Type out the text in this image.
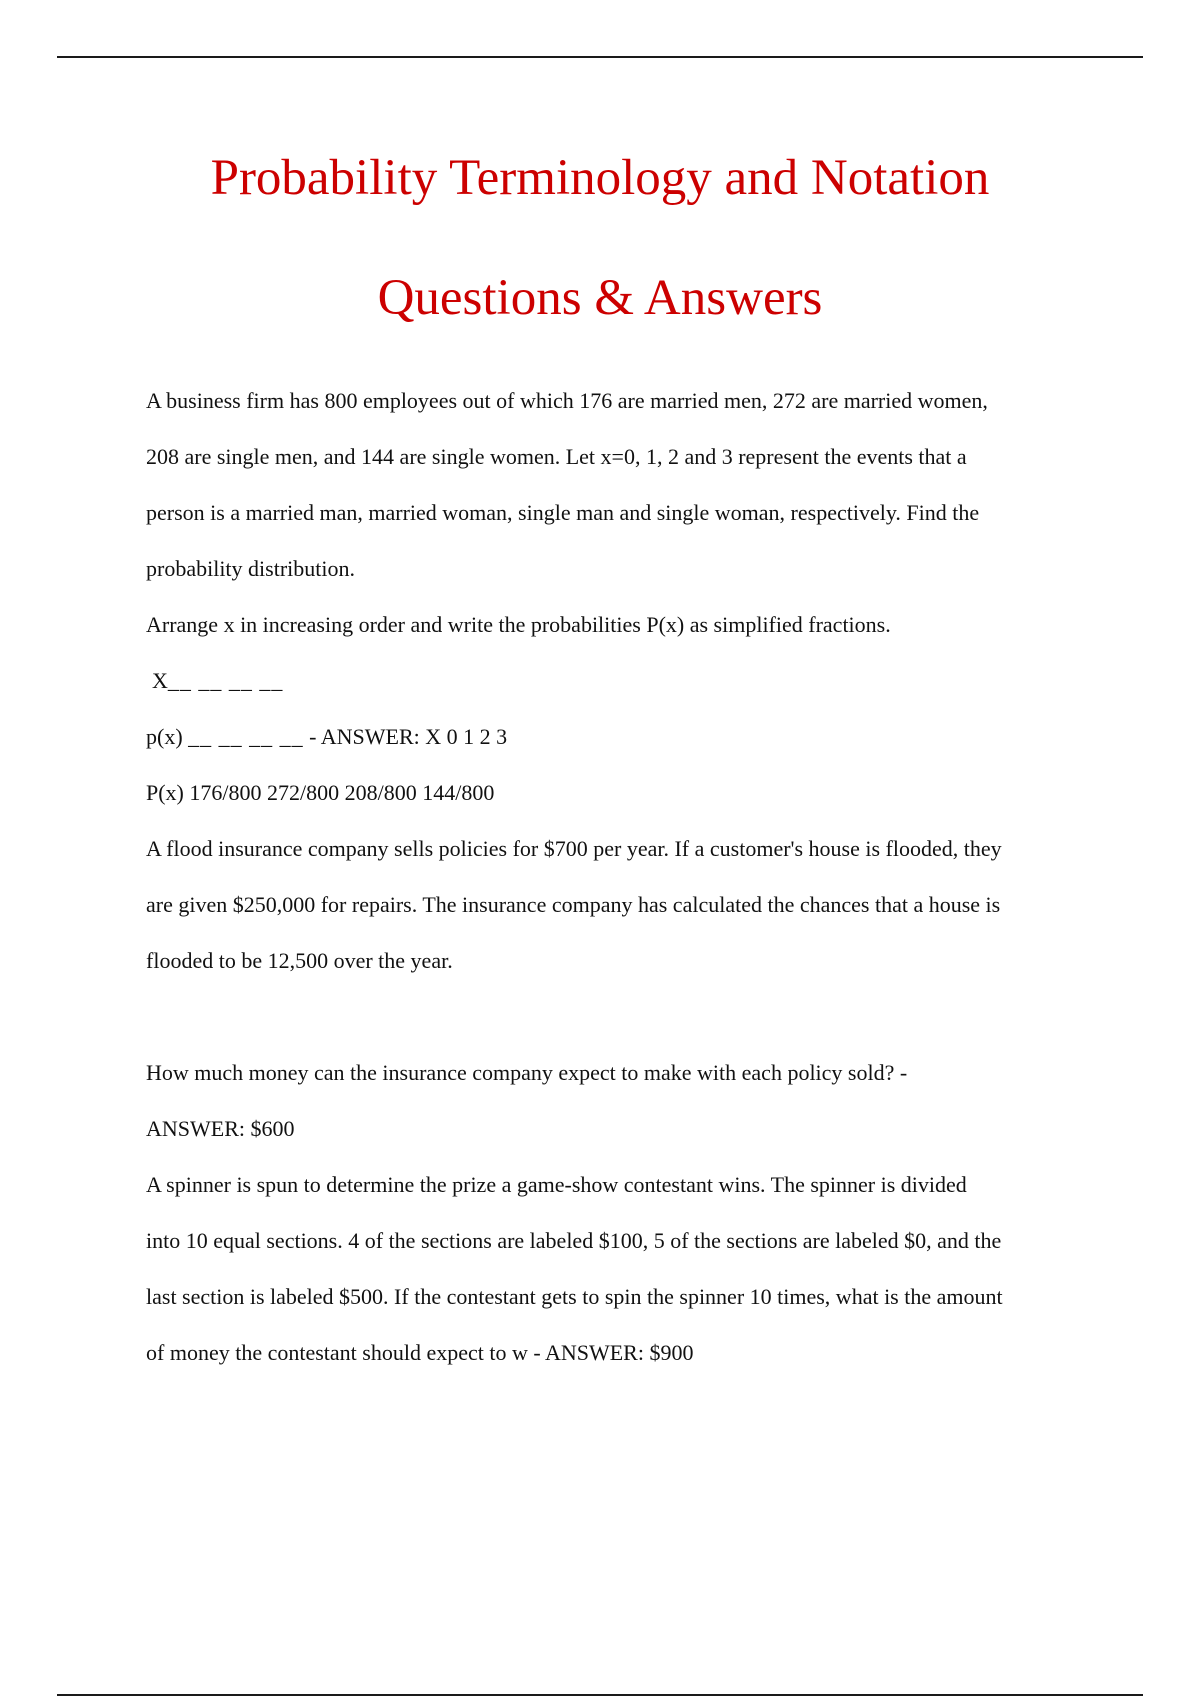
Probability Terminology and Notation
Questions & Answers
A business firm has 800 employees out of which 176 are married men, 272 are married women,
208 are single men, and 144 are single women. Let x=0, 1, 2 and 3 represent the events that a
person is a married man, married woman, single man and single woman, respectively. Find the
probability distribution.
Arrange x in increasing order and write the probabilities P(x) as simplified fractions.
X__ __ __ __
p(x) __ __ __ __ - ANSWER: X 0 1 2 3
P(x) 176/800 272/800 208/800 144/800
A flood insurance company sells policies for $700 per year. If a customer's house is flooded, they
are given $250,000 for repairs. The insurance company has calculated the chances that a house is
flooded to be 12,500 over the year.
How much money can the insurance company expect to make with each policy sold? -
ANSWER: $600
A spinner is spun to determine the prize a game-show contestant wins. The spinner is divided
into 10 equal sections. 4 of the sections are labeled $100, 5 of the sections are labeled $0, and the
last section is labeled $500. If the contestant gets to spin the spinner 10 times, what is the amount
of money the contestant should expect to w - ANSWER: $900
